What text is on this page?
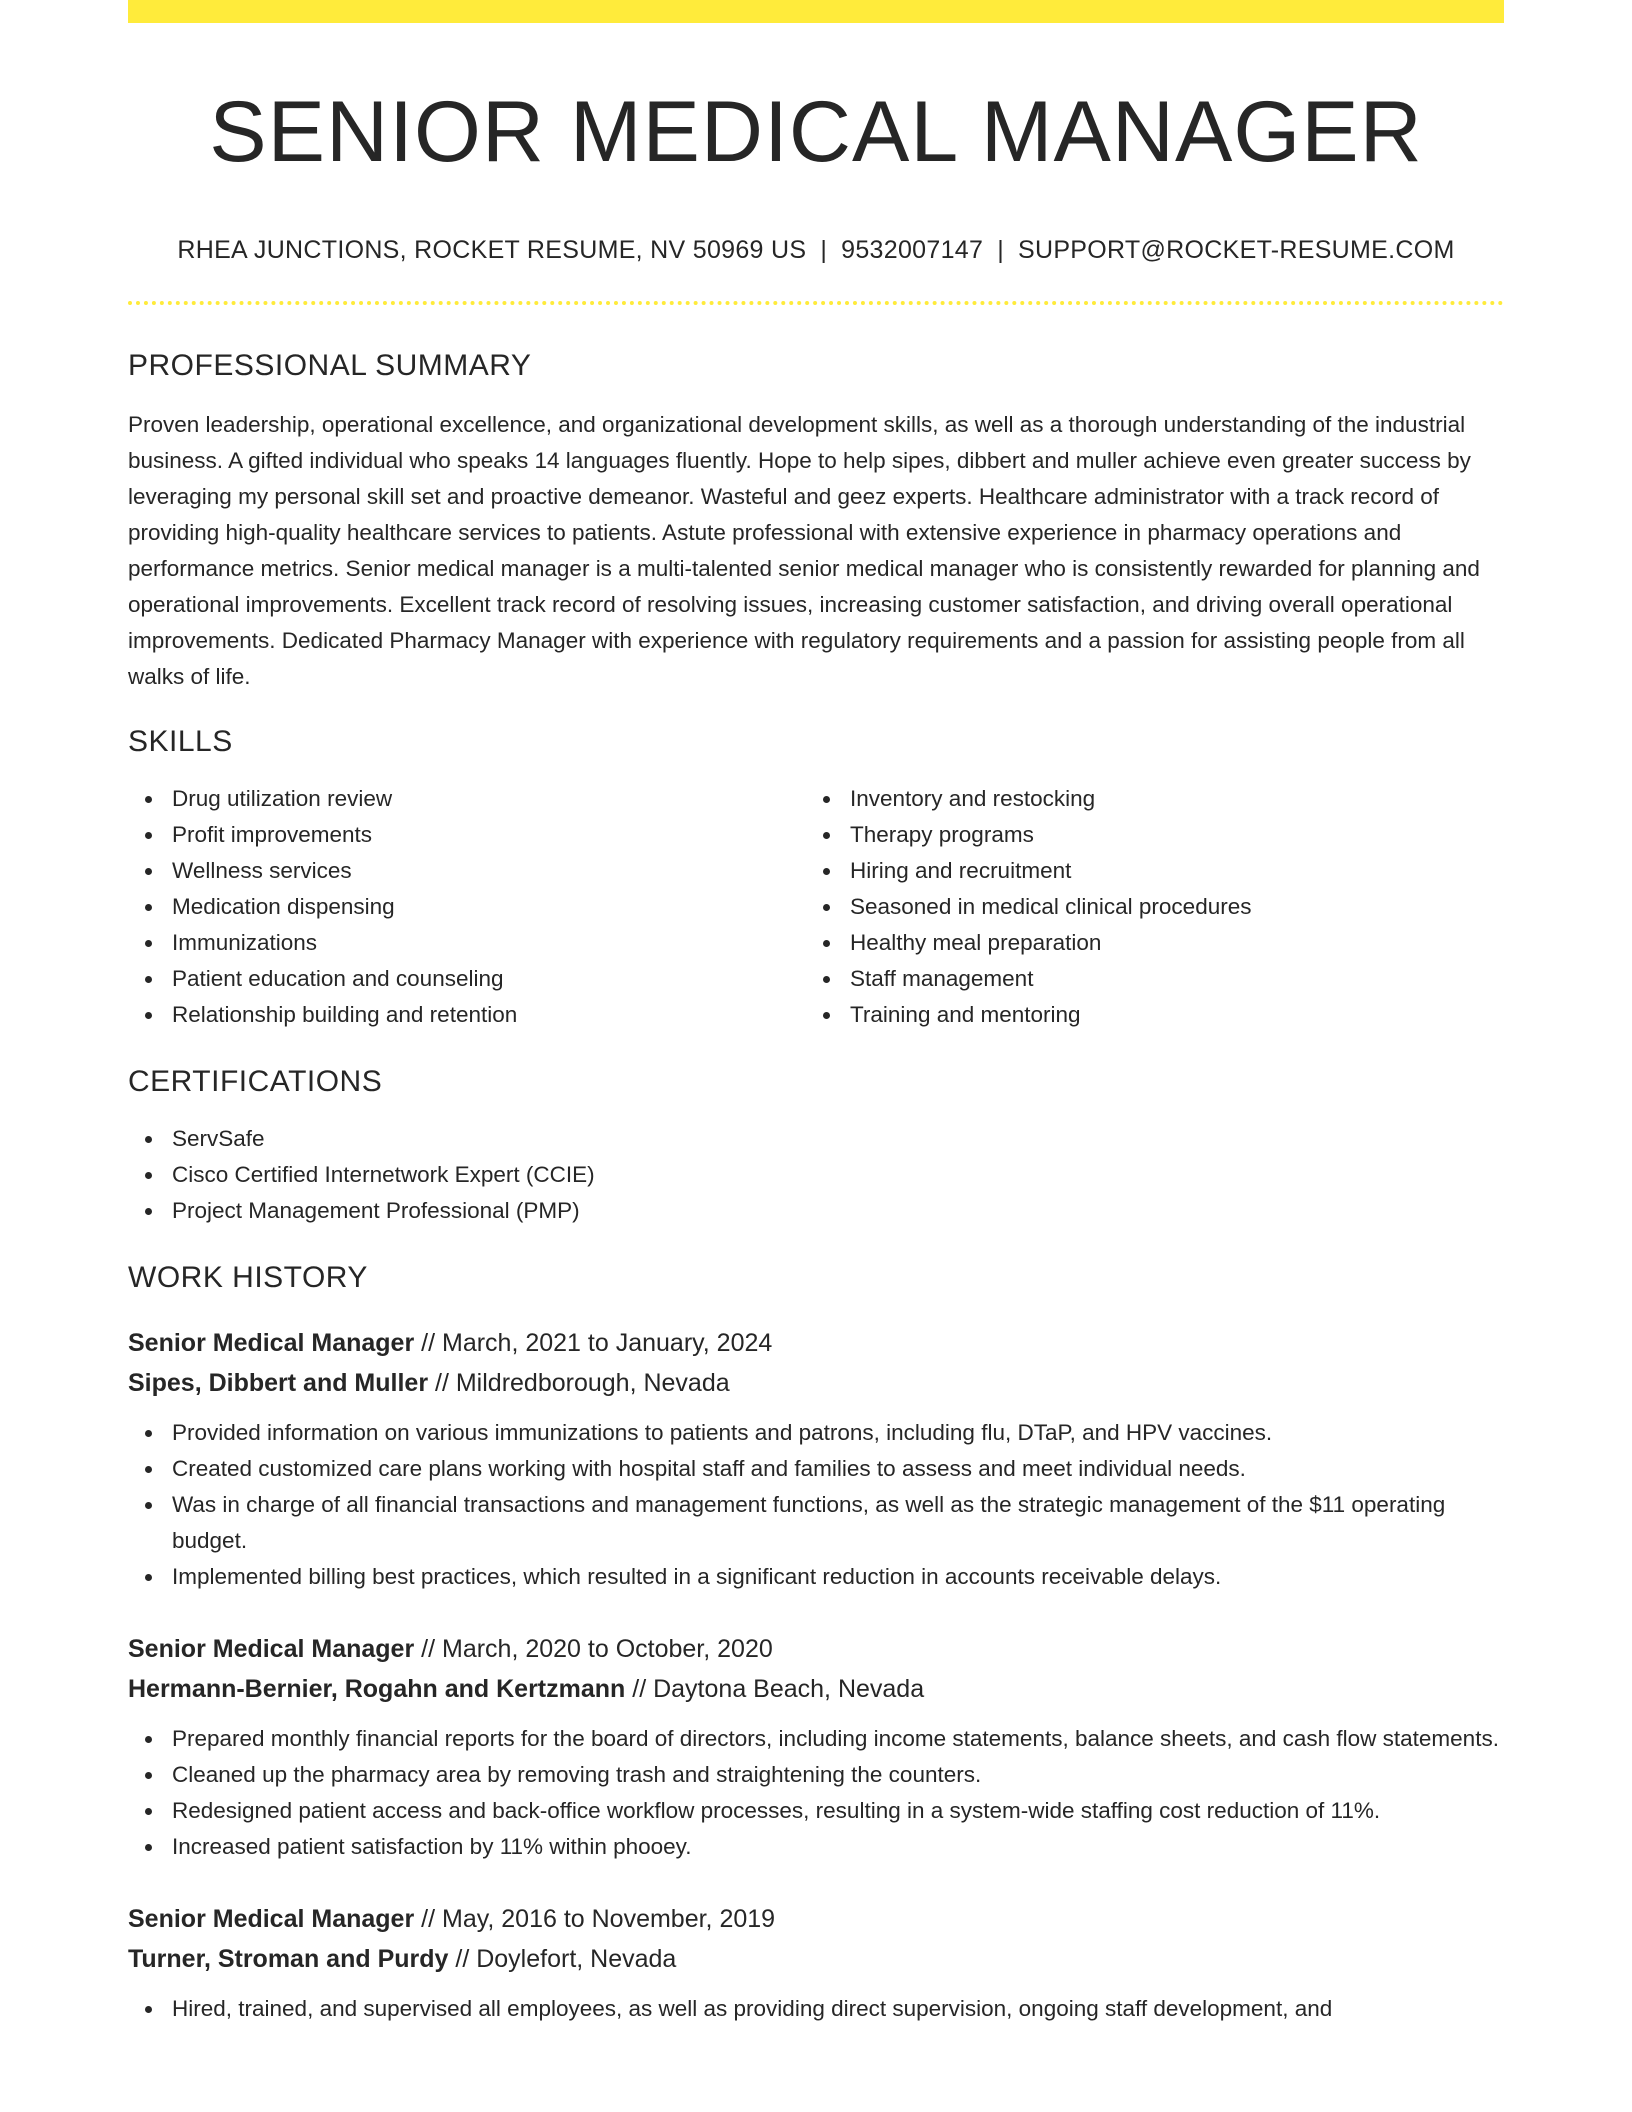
SENIOR MEDICAL MANAGER
RHEA JUNCTIONS, ROCKET RESUME, NV 50969 US | 9532007147 | SUPPORT@ROCKET-RESUME.COM
PROFESSIONAL SUMMARY

Proven leadership, operational excellence, and organizational development skills, as well as a thorough understanding of the industrial business. A gifted individual who speaks 14 languages fluently. Hope to help sipes, dibbert and muller achieve even greater success by leveraging my personal skill set and proactive demeanor. Wasteful and geez experts. Healthcare administrator with a track record of providing high-quality healthcare services to patients. Astute professional with extensive experience in pharmacy operations and performance metrics. Senior medical manager is a multi-talented senior medical manager who is consistently rewarded for planning and operational improvements. Excellent track record of resolving issues, increasing customer satisfaction, and driving overall operational improvements. Dedicated Pharmacy Manager with experience with regulatory requirements and a passion for assisting people from all walks of life.

SKILLS
Drug utilization review
Profit improvements
Wellness services
Medication dispensing
Immunizations
Patient education and counseling
Relationship building and retention
Inventory and restocking
Therapy programs
Hiring and recruitment
Seasoned in medical clinical procedures
Healthy meal preparation
Staff management
Training and mentoring
CERTIFICATIONS
ServSafe
Cisco Certified Internetwork Expert (CCIE)
Project Management Professional (PMP)
WORK HISTORY
Senior Medical Manager // March, 2021 to January, 2024
Sipes, Dibbert and Muller // Mildredborough, Nevada
Provided information on various immunizations to patients and patrons, including flu, DTaP, and HPV vaccines.
Created customized care plans working with hospital staff and families to assess and meet individual needs.
Was in charge of all financial transactions and management functions, as well as the strategic management of the $11 operating budget.
Implemented billing best practices, which resulted in a significant reduction in accounts receivable delays.
Senior Medical Manager // March, 2020 to October, 2020
Hermann-Bernier, Rogahn and Kertzmann // Daytona Beach, Nevada
Prepared monthly financial reports for the board of directors, including income statements, balance sheets, and cash flow statements.
Cleaned up the pharmacy area by removing trash and straightening the counters.
Redesigned patient access and back-office workflow processes, resulting in a system-wide staffing cost reduction of 11%.
Increased patient satisfaction by 11% within phooey.
Senior Medical Manager // May, 2016 to November, 2019
Turner, Stroman and Purdy // Doylefort, Nevada
Hired, trained, and supervised all employees, as well as providing direct supervision, ongoing staff development, and
